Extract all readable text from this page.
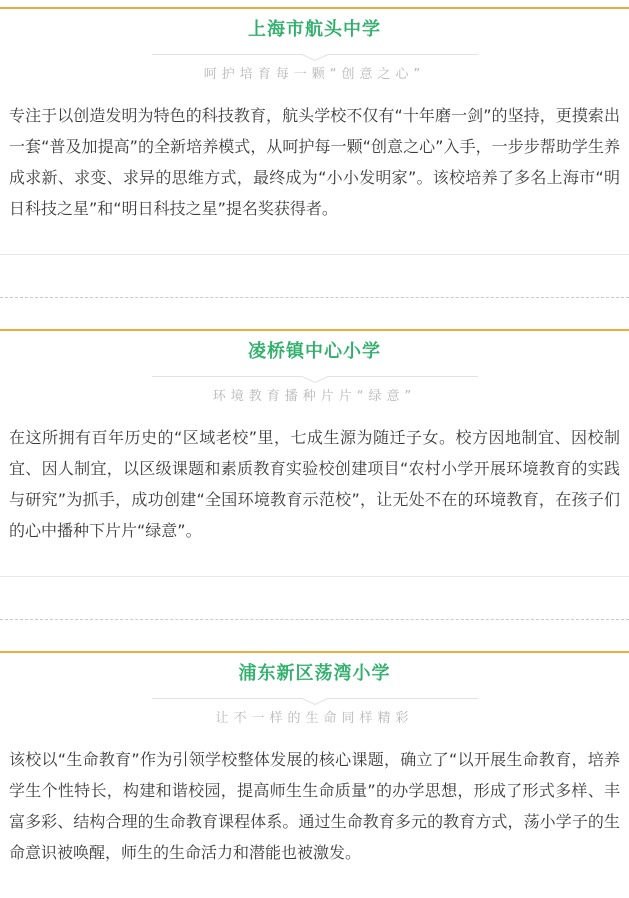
上海市航头中学
呵护培育每一颗“创意之心”

专注于以创造发明为特色的科技教育，航头学校不仅有“十年磨一剑”的坚持，更摸索出一套“普及加提高”的全新培养模式，从呵护每一颗“创意之心”入手，一步步帮助学生养成求新、求变、求异的思维方式，最终成为“小小发明家”。该校培养了多名上海市“明日科技之星”和“明日科技之星”提名奖获得者。

凌桥镇中心小学
环境教育播种片片“绿意”

在这所拥有百年历史的“区域老校”里，七成生源为随迁子女。校方因地制宜、因校制宜、因人制宜，以区级课题和素质教育实验校创建项目“农村小学开展环境教育的实践与研究”为抓手，成功创建“全国环境教育示范校”，让无处不在的环境教育，在孩子们的心中播种下片片“绿意”。

浦东新区荡湾小学
让不一样的生命同样精彩

该校以“生命教育”作为引领学校整体发展的核心课题，确立了“以开展生命教育，培养学生个性特长，构建和谐校园，提高师生生命质量”的办学思想，形成了形式多样、丰富多彩、结构合理的生命教育课程体系。通过生命教育多元的教育方式，荡小学子的生命意识被唤醒，师生的生命活力和潜能也被激发。
